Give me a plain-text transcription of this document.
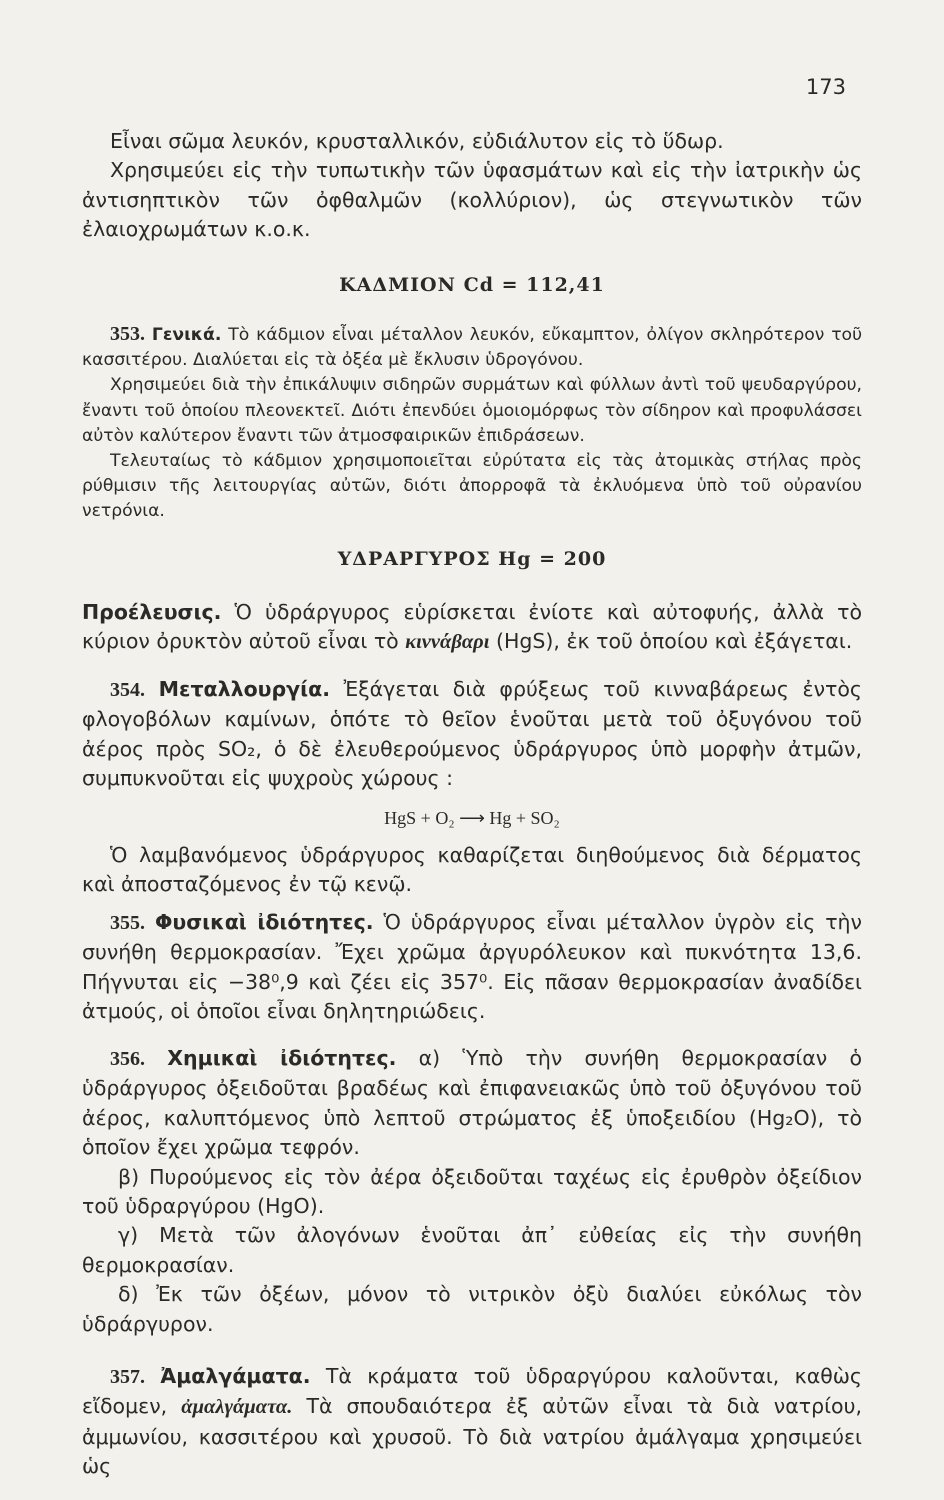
173

Εἶναι σῶμα λευκόν, κρυσταλλικόν, εὐδιάλυτον εἰς τὸ ὕδωρ.

Χρησιμεύει εἰς τὴν τυπωτικὴν τῶν ὑφασμάτων καὶ εἰς τὴν ἰατρικὴν ὡς ἀντισηπτικὸν τῶν ὀφθαλμῶν (κολλύριον), ὡς στεγνωτικὸν τῶν ἐλαιοχρωμάτων κ.ο.κ.

ΚΑΔΜΙΟΝ Cd = 112,41

353. Γενικά. Τὸ κάδμιον εἶναι μέταλλον λευκόν, εὔκαμπτον, ὀλίγον σκληρότερον τοῦ κασσιτέρου. Διαλύεται εἰς τὰ ὀξέα μὲ ἔκλυσιν ὑδρογόνου.

Χρησιμεύει διὰ τὴν ἐπικάλυψιν σιδηρῶν συρμάτων καὶ φύλλων ἀντὶ τοῦ ψευδαργύρου, ἔναντι τοῦ ὁποίου πλεονεκτεῖ. Διότι ἐπενδύει ὁμοιομόρφως τὸν σίδηρον καὶ προφυλάσσει αὐτὸν καλύτερον ἔναντι τῶν ἀτμοσφαιρικῶν ἐπιδράσεων.

Τελευταίως τὸ κάδμιον χρησιμοποιεῖται εὐρύτατα εἰς τὰς ἀτομικὰς στήλας πρὸς ρύθμισιν τῆς λειτουργίας αὐτῶν, διότι ἀπορροφᾶ τὰ ἐκλυόμενα ὑπὸ τοῦ οὐρανίου νετρόνια.

ΥΔΡΑΡΓΥΡΟΣ Hg = 200

Προέλευσις. Ὁ ὑδράργυρος εὑρίσκεται ἐνίοτε καὶ αὐτοφυής, ἀλλὰ τὸ κύριον ὀρυκτὸν αὐτοῦ εἶναι τὸ κιννάβαρι (HgS), ἐκ τοῦ ὁποίου καὶ ἐξάγεται.

354. Μεταλλουργία. Ἐξάγεται διὰ φρύξεως τοῦ κινναβάρεως ἐντὸς φλογοβόλων καμίνων, ὁπότε τὸ θεῖον ἑνοῦται μετὰ τοῦ ὀξυγόνου τοῦ ἀέρος πρὸς SO₂, ὁ δὲ ἐλευθερούμενος ὑδράργυρος ὑπὸ μορφὴν ἀτμῶν, συμπυκνοῦται εἰς ψυχροὺς χώρους :

HgS + O₂ ⟶ Hg + SO₂

Ὁ λαμβανόμενος ὑδράργυρος καθαρίζεται διηθούμενος διὰ δέρματος καὶ ἀποσταζόμενος ἐν τῷ κενῷ.

355. Φυσικαὶ ἰδιότητες. Ὁ ὑδράργυρος εἶναι μέταλλον ὑγρὸν εἰς τὴν συνήθη θερμοκρασίαν. Ἔχει χρῶμα ἀργυρόλευκον καὶ πυκνότητα 13,6. Πήγνυται εἰς −38⁰,9 καὶ ζέει εἰς 357⁰. Εἰς πᾶσαν θερμοκρασίαν ἀναδίδει ἀτμούς, οἱ ὁποῖοι εἶναι δηλητηριώδεις.

356. Χημικαὶ ἰδιότητες. α) Ὑπὸ τὴν συνήθη θερμοκρασίαν ὁ ὑδράργυρος ὀξειδοῦται βραδέως καὶ ἐπιφανειακῶς ὑπὸ τοῦ ὀξυγόνου τοῦ ἀέρος, καλυπτόμενος ὑπὸ λεπτοῦ στρώματος ἐξ ὑποξειδίου (Hg₂O), τὸ ὁποῖον ἔχει χρῶμα τεφρόν.

β) Πυρούμενος εἰς τὸν ἀέρα ὀξειδοῦται ταχέως εἰς ἐρυθρὸν ὀξείδιον τοῦ ὑδραργύρου (HgO).

γ) Μετὰ τῶν ἀλογόνων ἑνοῦται ἀπ᾽ εὐθείας εἰς τὴν συνήθη θερμοκρασίαν.

δ) Ἐκ τῶν ὀξέων, μόνον τὸ νιτρικὸν ὀξὺ διαλύει εὐκόλως τὸν ὑδράργυρον.

357. Ἀμαλγάματα. Τὰ κράματα τοῦ ὑδραργύρου καλοῦνται, καθὼς εἴδομεν, ἀμαλγάματα. Τὰ σπουδαιότερα ἐξ αὐτῶν εἶναι τὰ διὰ νατρίου, ἀμμωνίου, κασσιτέρου καὶ χρυσοῦ. Τὸ διὰ νατρίου ἀμάλγαμα χρησιμεύει ὡς
